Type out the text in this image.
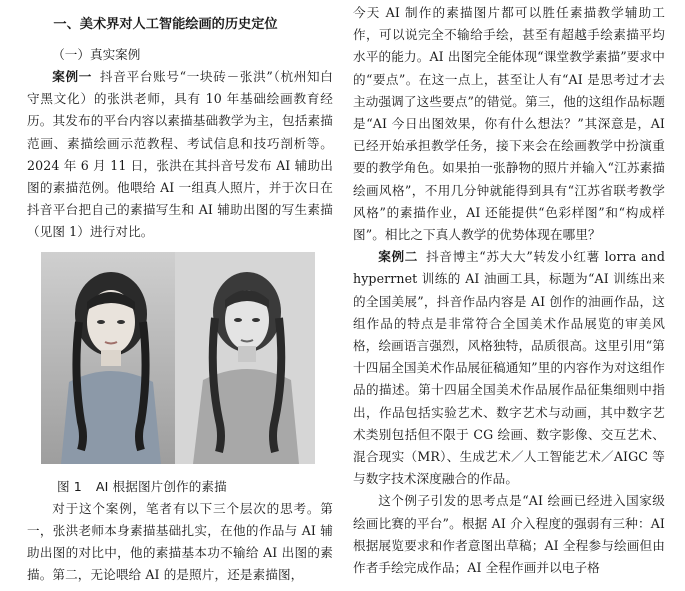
一、美术界对人工智能绘画的历史定位
（一）真实案例

案例一 抖音平台账号“一块砖－张洪”（杭州知白守黑文化）的张洪老师，具有 10 年基础绘画教育经历。其发布的平台内容以素描基础教学为主，包括素描范画、素描绘画示范教程、考试信息和技巧剖析等。2024 年 6 月 11 日，张洪在其抖音号发布 AI 辅助出图的素描范例。他喂给 AI 一组真人照片，并于次日在抖音平台把自己的素描写生和 AI 辅助出图的写生素描（见图 1）进行对比。

图 1 AI 根据图片创作的素描

对于这个案例，笔者有以下三个层次的思考。第一，张洪老师本身素描基础扎实，在他的作品与 AI 辅助出图的对比中，他的素描基本功不输给 AI 出图的素描。第二，无论喂给 AI 的是照片，还是素描图，

今天 AI 制作的素描图片都可以胜任素描教学辅助工作，可以说完全不输给手绘，甚至有超越手绘素描平均水平的能力。AI 出图完全能体现“课堂教学素描”要求中的“要点”。在这一点上，甚至让人有“AI 是思考过才去主动强调了这些要点”的错觉。第三，他的这组作品标题是“AI 今日出图效果，你有什么想法？”其深意是，AI 已经开始承担教学任务，接下来会在绘画教学中扮演重要的教学角色。如果拍一张静物的照片并输入“江苏素描绘画风格”，不用几分钟就能得到具有“江苏省联考教学风格”的素描作业，AI 还能提供“色彩样图”和“构成样图”。相比之下真人教学的优势体现在哪里？

案例二 抖音博主“苏大大”转发小红薯 lorra and hyperrnet 训练的 AI 油画工具，标题为“AI 训练出来的全国美展”，抖音作品内容是 AI 创作的油画作品，这组作品的特点是非常符合全国美术作品展览的审美风格，绘画语言强烈，风格独特，品质很高。这里引用“第十四届全国美术作品展征稿通知”里的内容作为对这组作品的描述。第十四届全国美术作品展作品征集细则中指出，作品包括实验艺术、数字艺术与动画，其中数字艺术类别包括但不限于 CG 绘画、数字影像、交互艺术、混合现实（MR）、生成艺术／人工智能艺术／AIGC 等与数字技术深度融合的作品。

这个例子引发的思考点是“AI 绘画已经进入国家级绘画比赛的平台”。根据 AI 介入程度的强弱有三种：AI 根据展览要求和作者意图出草稿；AI 全程参与绘画但由作者手绘完成作品；AI 全程作画并以电子格
